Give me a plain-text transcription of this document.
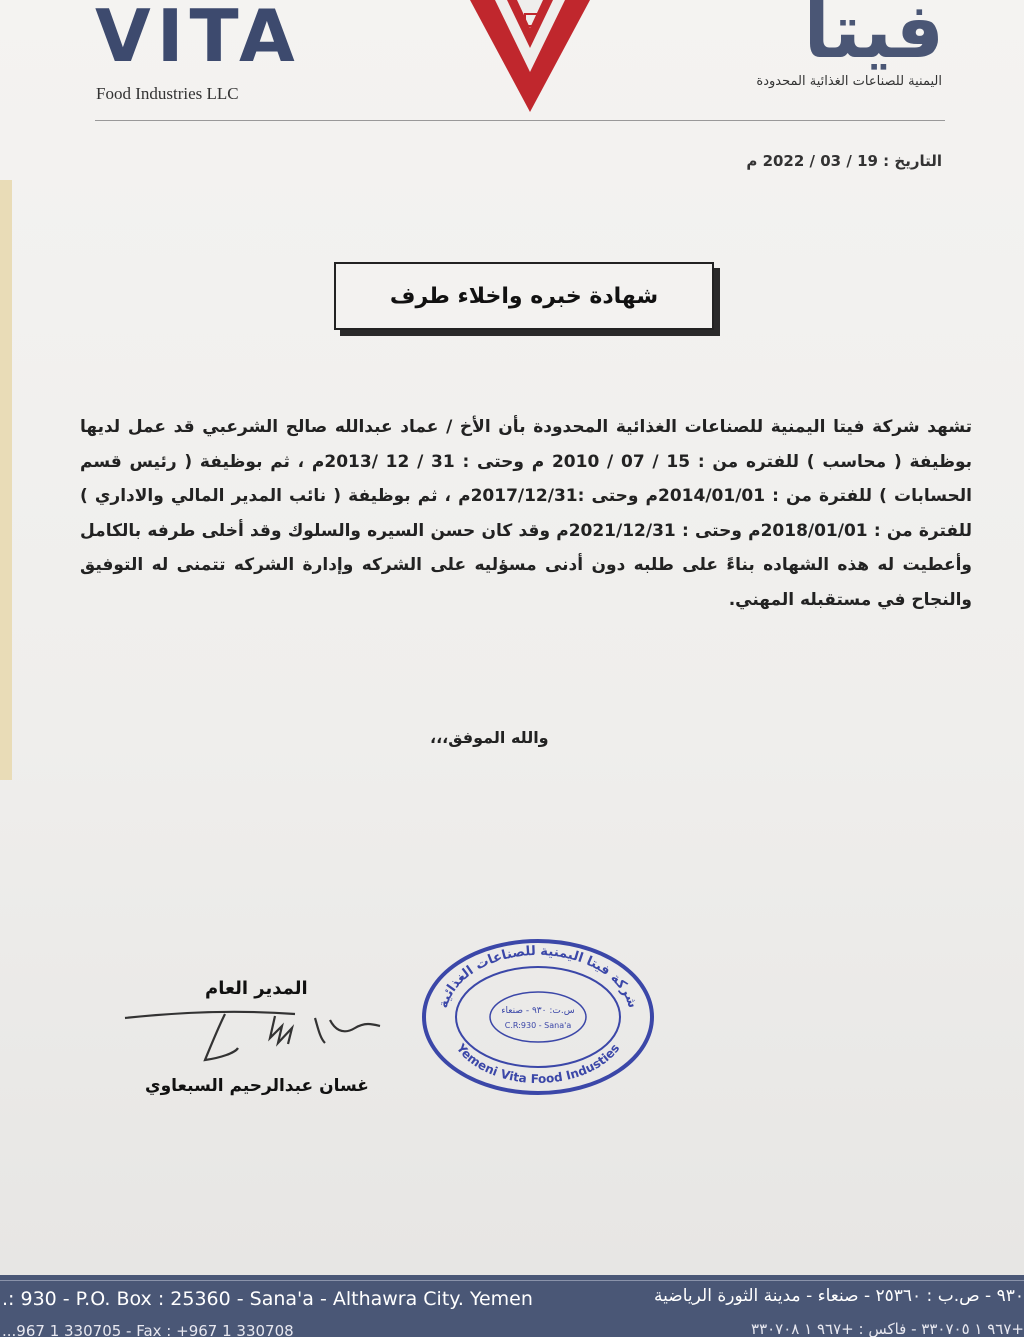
VITA
Food Industries LLC
فيتا
اليمنية للصناعات الغذائية المحدودة
التاريخ : 19 / 03 / 2022 م
شهادة خبره واخلاء طرف
تشهد شركة فيتا اليمنية للصناعات الغذائية المحدودة بأن الأخ / عماد عبدالله صالح الشرعبي قد عمل لديها بوظيفة ( محاسب ) للفتره من : 15 / 07 / 2010 م وحتى : 31 / 12 /2013م ، ثم بوظيفة ( رئيس قسم الحسابات ) للفترة من : 2014/01/01م وحتى :2017/12/31م ، ثم بوظيفة ( نائب المدير المالي والاداري ) للفترة من : 2018/01/01م وحتى : 2021/12/31م وقد كان حسن السيره والسلوك وقد أخلى طرفه بالكامل وأعطيت له هذه الشهاده بناءً على طلبه دون أدنى مسؤليه على الشركه وإدارة الشركه تتمنى له التوفيق والنجاح في مستقبله المهني.
والله الموفق،،،
المدير العام
غسان عبدالرحيم السبعاوي
شركة فيتا اليمنية للصناعات الغذائية
Yemeni Vita Food Industies
س.ت: ٩٣٠ - صنعاء
C.R:930 - Sana'a
.: 930 - P.O. Box : 25360 - Sana'a - Althawra City. Yemen	٩٣٠ - ص.ب : ٢٥٣٦٠ - صنعاء - مدينة الثورة الرياضية
...967 1 330705 - Fax : +967 1 330708	+٩٦٧ ١ ٣٣٠٧٠٥ - فاكس : +٩٦٧ ١ ٣٣٠٧٠٨
